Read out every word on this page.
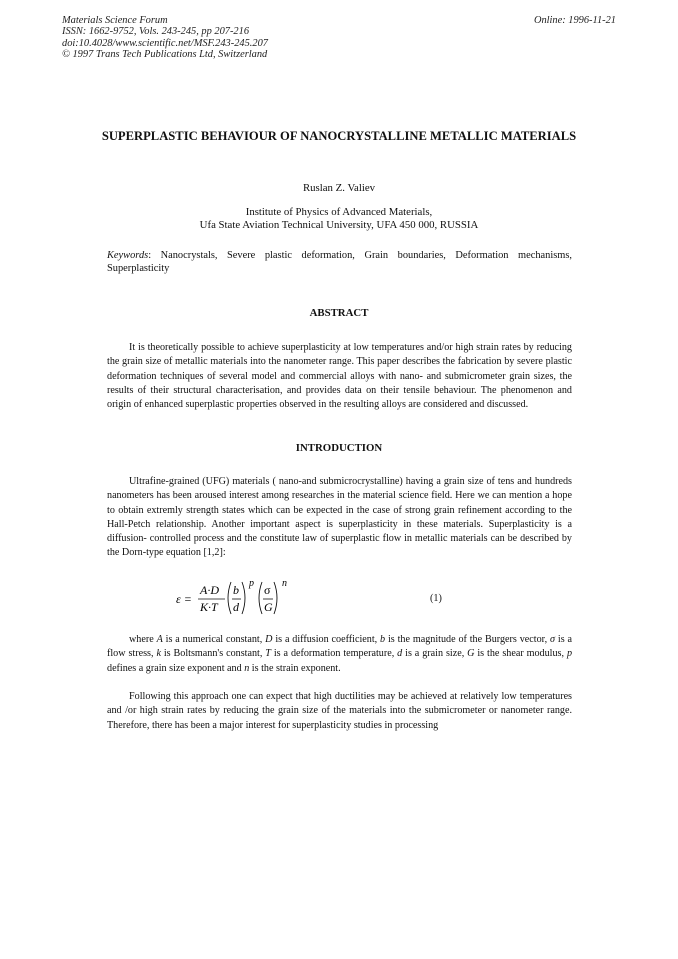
Materials Science Forum
ISSN: 1662-9752, Vols. 243-245, pp 207-216
doi:10.4028/www.scientific.net/MSF.243-245.207
© 1997 Trans Tech Publications Ltd, Switzerland
Online: 1996-11-21
SUPERPLASTIC BEHAVIOUR OF NANOCRYSTALLINE METALLIC MATERIALS
Ruslan Z. Valiev
Institute of Physics of Advanced Materials,
Ufa State Aviation Technical University, UFA 450 000, RUSSIA
Keywords: Nanocrystals, Severe plastic deformation, Grain boundaries, Deformation mechanisms, Superplasticity
ABSTRACT

It is theoretically possible to achieve superplasticity at low temperatures and/or high strain rates by reducing the grain size of metallic materials into the nanometer range. This paper describes the fabrication by severe plastic deformation techniques of several model and commercial alloys with nano- and submicrometer grain sizes, the results of their structural characterisation, and provides data on their tensile behaviour. The phenomenon and origin of enhanced superplastic properties observed in the resulting alloys are considered and discussed.

INTRODUCTION

Ultrafine-grained (UFG) materials ( nano-and submicrocrystalline) having a grain size of tens and hundreds nanometers has been aroused interest among researches in the material science field. Here we can mention a hope to obtain extremly strength states which can be expected in the case of strong grain refinement according to the Hall-Petch relationship. Another important aspect is superplasticity in these materials. Superplasticity is a diffusion- controlled process and the constitute law of superplastic flow in metallic materials can be described by the Dorn-type equation [1,2]:

ε =
A·D
K·T
b
d
p σ
G
n
(1)

where A is a numerical constant, D is a diffusion coefficient, b is the magnitude of the Burgers vector, σ is a flow stress, k is Boltsmann's constant, T is a deformation temperature, d is a grain size, G is the shear modulus, p defines a grain size exponent and n is the strain exponent.

Following this approach one can expect that high ductilities may be achieved at relatively low temperatures and /or high strain rates by reducing the grain size of the materials into the submicrometer or nanometer range. Therefore, there has been a major interest for superplasticity studies in processing
